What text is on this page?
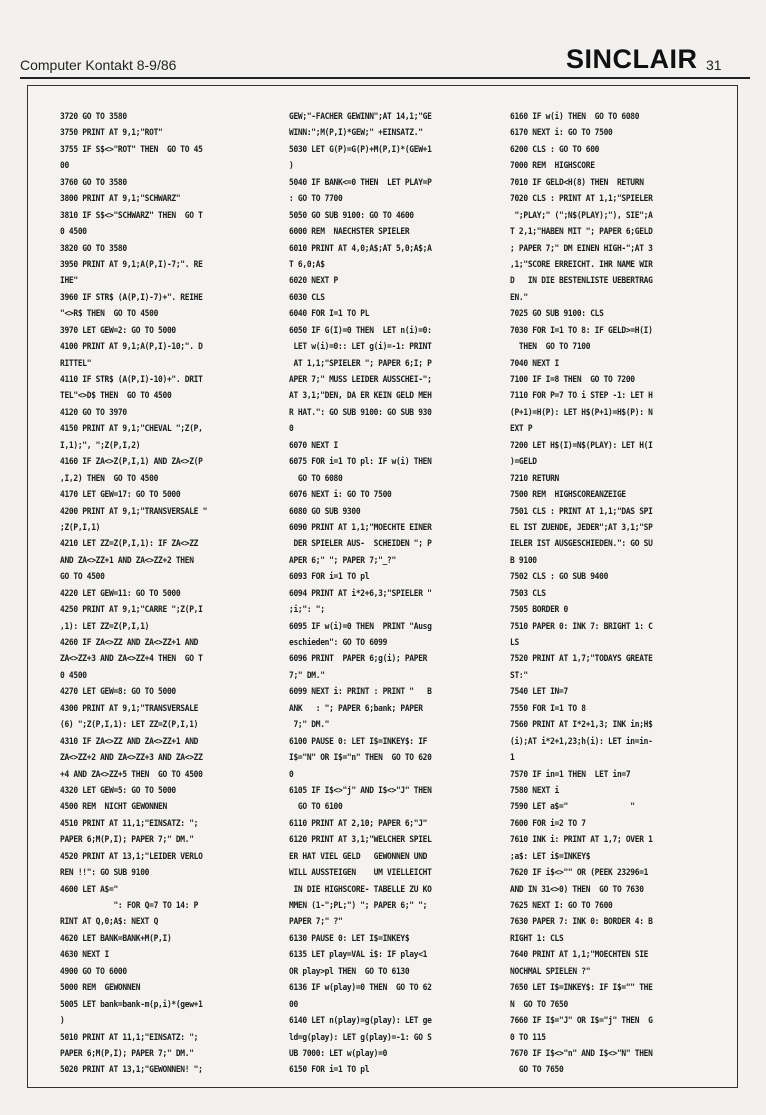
Computer Kontakt 8-9/86	SINCLAIR 31
3720 GO TO 3580
3750 PRINT AT 9,1;"ROT"
3755 IF S$<>"ROT" THEN  GO TO 45
00
3760 GO TO 3580
3800 PRINT AT 9,1;"SCHWARZ"
3810 IF S$<>"SCHWARZ" THEN  GO T
0 4500
3820 GO TO 3580
3950 PRINT AT 9,1;A(P,I)-7;". RE
IHE"
3960 IF STR$ (A(P,I)-7)+". REIHE
"<>R$ THEN  GO TO 4500
3970 LET GEW=2: GO TO 5000
4100 PRINT AT 9,1;A(P,I)-10;". D
RITTEL"
4110 IF STR$ (A(P,I)-10)+". DRIT
TEL"<>D$ THEN  GO TO 4500
4120 GO TO 3970
4150 PRINT AT 9,1;"CHEVAL ";Z(P,
I,1);", ";Z(P,I,2)
4160 IF ZA<>Z(P,I,1) AND ZA<>Z(P
,I,2) THEN  GO TO 4500
4170 LET GEW=17: GO TO 5000
4200 PRINT AT 9,1;"TRANSVERSALE "
;Z(P,I,1)
4210 LET ZZ=Z(P,I,1): IF ZA<>ZZ
AND ZA<>ZZ+1 AND ZA<>ZZ+2 THEN
GO TO 4500
4220 LET GEW=11: GO TO 5000
4250 PRINT AT 9,1;"CARRE ";Z(P,I
,1): LET ZZ=Z(P,I,1)
4260 IF ZA<>ZZ AND ZA<>ZZ+1 AND
ZA<>ZZ+3 AND ZA<>ZZ+4 THEN  GO T
0 4500
4270 LET GEW=8: GO TO 5000
4300 PRINT AT 9,1;"TRANSVERSALE
(6) ";Z(P,I,1): LET ZZ=Z(P,I,1)
4310 IF ZA<>ZZ AND ZA<>ZZ+1 AND
ZA<>ZZ+2 AND ZA<>ZZ+3 AND ZA<>ZZ
+4 AND ZA<>ZZ+5 THEN  GO TO 4500
4320 LET GEW=5: GO TO 5000
4500 REM  NICHT GEWONNEN
4510 PRINT AT 11,1;"EINSATZ: ";
PAPER 6;M(P,I); PAPER 7;" DM."
4520 PRINT AT 13,1;"LEIDER VERLO
REN !!": GO SUB 9100
4600 LET A$="
": FOR Q=7 TO 14: P
RINT AT Q,0;A$: NEXT Q
4620 LET BANK=BANK+M(P,I)
4630 NEXT I
4900 GO TO 6000
5000 REM  GEWONNEN
5005 LET bank=bank-m(p,i)*(gew+1
)
5010 PRINT AT 11,1;"EINSATZ: ";
PAPER 6;M(P,I); PAPER 7;" DM."
5020 PRINT AT 13,1;"GEWONNEN! ";
GEW;"-FACHER GEWINN";AT 14,1;"GE
WINN:";M(P,I)*GEW;" +EINSATZ."
5030 LET G(P)=G(P)+M(P,I)*(GEW+1
)
5040 IF BANK<=0 THEN  LET PLAY=P
: GO TO 7700
5050 GO SUB 9100: GO TO 4600
6000 REM  NAECHSTER SPIELER
6010 PRINT AT 4,0;A$;AT 5,0;A$;A
T 6,0;A$
6020 NEXT P
6030 CLS
6040 FOR I=1 TO PL
6050 IF G(I)=0 THEN  LET n(i)=0:
LET w(i)=0:: LET g(i)=-1: PRINT
AT 1,1;"SPIELER "; PAPER 6;I; P
APER 7;" MUSS LEIDER AUSSCHEI-";
AT 3,1;"DEN, DA ER KEIN GELD MEH
R HAT.": GO SUB 9100: GO SUB 930
0
6070 NEXT I
6075 FOR i=1 TO pl: IF w(i) THEN
GO TO 6080
6076 NEXT i: GO TO 7500
6080 GO SUB 9300
6090 PRINT AT 1,1;"MOECHTE EINER
DER SPIELER AUS-  SCHEIDEN "; P
APER 6;" "; PAPER 7;"_?"
6093 FOR i=1 TO pl
6094 PRINT AT i*2+6,3;"SPIELER "
;i;": ";
6095 IF w(i)=0 THEN  PRINT "Ausg
eschieden": GO TO 6099
6096 PRINT  PAPER 6;g(i); PAPER
7;" DM."
6099 NEXT i: PRINT : PRINT "   B
ANK   : "; PAPER 6;bank; PAPER
7;" DM."
6100 PAUSE 0: LET I$=INKEY$: IF
I$="N" OR I$="n" THEN  GO TO 620
0
6105 IF I$<>"j" AND I$<>"J" THEN
GO TO 6100
6110 PRINT AT 2,10; PAPER 6;"J"
6120 PRINT AT 3,1;"WELCHER SPIEL
ER HAT VIEL GELD   GEWONNEN UND
WILL AUSSTEIGEN    UM VIELLEICHT
IN DIE HIGHSCORE- TABELLE ZU KO
MMEN (1-";PL;") "; PAPER 6;" ";
PAPER 7;" ?"
6130 PAUSE 0: LET I$=INKEY$
6135 LET play=VAL i$: IF play<1
OR play>pl THEN  GO TO 6130
6136 IF w(play)=0 THEN  GO TO 62
00
6140 LET n(play)=g(play): LET ge
ld=g(play): LET g(play)=-1: GO S
UB 7000: LET w(play)=0
6150 FOR i=1 TO pl
6160 IF w(i) THEN  GO TO 6080
6170 NEXT i: GO TO 7500
6200 CLS : GO TO 600
7000 REM  HIGHSCORE
7010 IF GELD<H(8) THEN  RETURN
7020 CLS : PRINT AT 1,1;"SPIELER
";PLAY;" (";N$(PLAY);"), SIE";A
T 2,1;"HABEN MIT "; PAPER 6;GELD
; PAPER 7;" DM EINEN HIGH-";AT 3
,1;"SCORE ERREICHT. IHR NAME WIR
D   IN DIE BESTENLISTE UEBERTRAG
EN."
7025 GO SUB 9100: CLS
7030 FOR I=1 TO 8: IF GELD>=H(I)
THEN  GO TO 7100
7040 NEXT I
7100 IF I=8 THEN  GO TO 7200
7110 FOR P=7 TO i STEP -1: LET H
(P+1)=H(P): LET H$(P+1)=H$(P): N
EXT P
7200 LET H$(I)=N$(PLAY): LET H(I
)=GELD
7210 RETURN
7500 REM  HIGHSCOREANZEIGE
7501 CLS : PRINT AT 1,1;"DAS SPI
EL IST ZUENDE, JEDER";AT 3,1;"SP
IELER IST AUSGESCHIEDEN.": GO SU
B 9100
7502 CLS : GO SUB 9400
7503 CLS
7505 BORDER 0
7510 PAPER 0: INK 7: BRIGHT 1: C
LS
7520 PRINT AT 1,7;"TODAYS GREATE
ST:"
7540 LET IN=7
7550 FOR I=1 TO 8
7560 PRINT AT I*2+1,3; INK in;H$
(i);AT i*2+1,23;h(i): LET in=in-
1
7570 IF in=1 THEN  LET in=7
7580 NEXT i
7590 LET a$="              "
7600 FOR i=2 TO 7
7610 INK i: PRINT AT 1,7; OVER 1
;a$: LET i$=INKEY$
7620 IF i$<>"" OR (PEEK 23296=1
AND IN 31<>0) THEN  GO TO 7630
7625 NEXT I: GO TO 7600
7630 PAPER 7: INK 0: BORDER 4: B
RIGHT 1: CLS
7640 PRINT AT 1,1;"MOECHTEN SIE
NOCHMAL SPIELEN ?"
7650 LET I$=INKEY$: IF I$="" THE
N  GO TO 7650
7660 IF I$="J" OR I$="j" THEN  G
0 TO 115
7670 IF I$<>"n" AND I$<>"N" THEN
GO TO 7650
